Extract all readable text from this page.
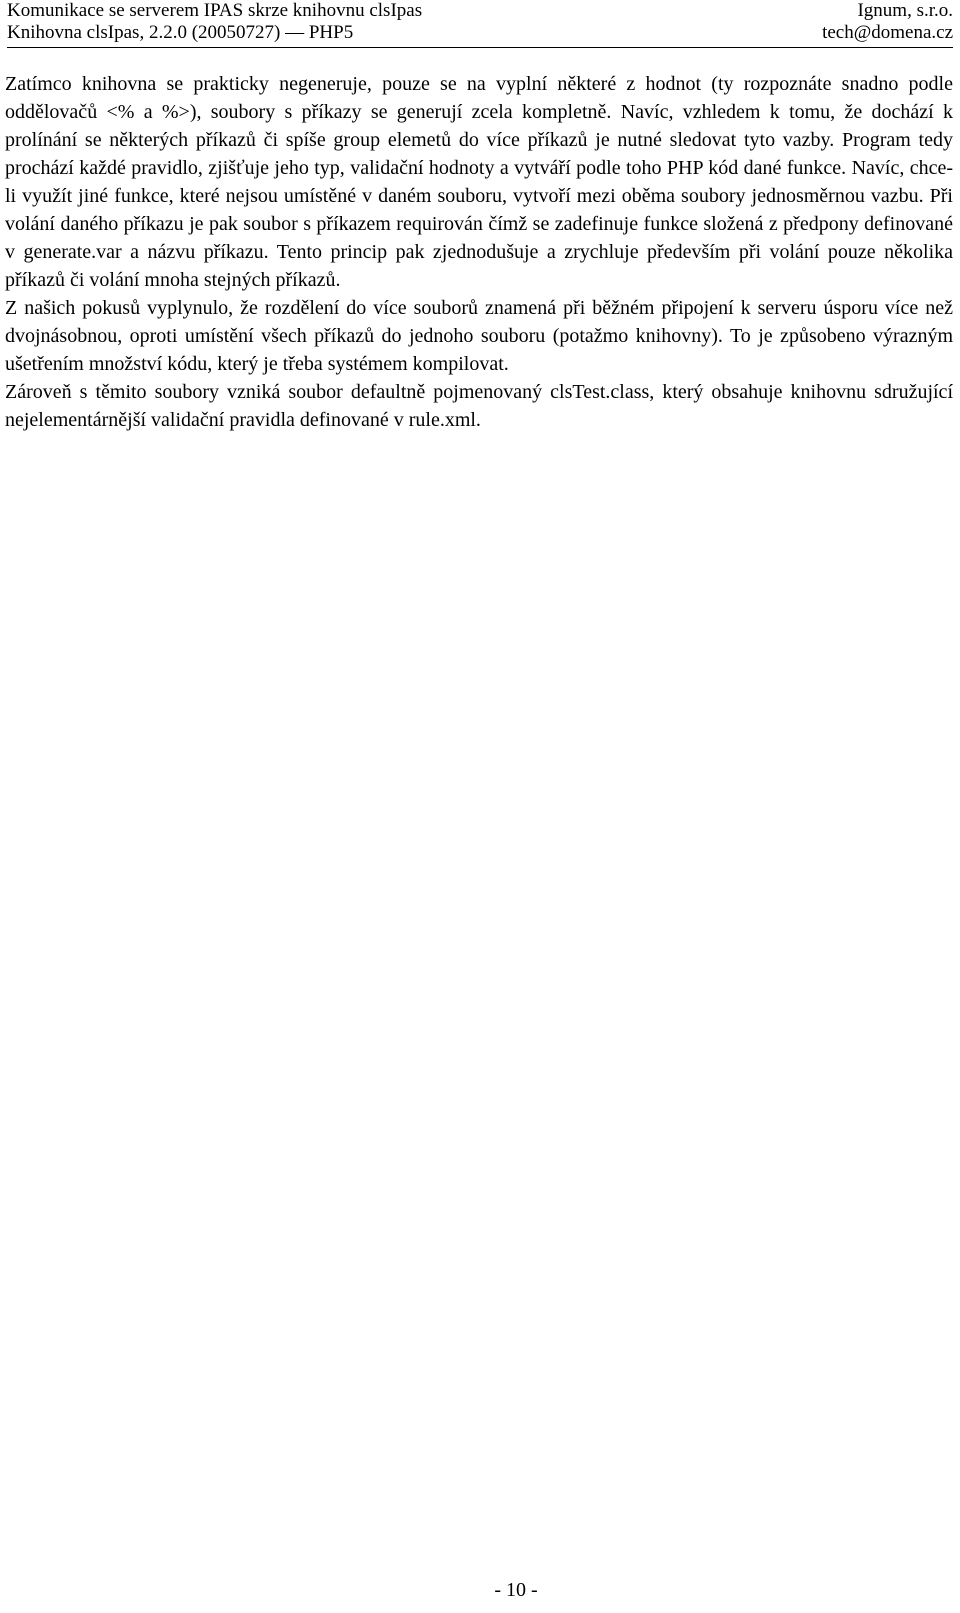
Komunikace se serverem IPAS skrze knihovnu clsIpas
Knihovna clsIpas, 2.2.0 (20050727) — PHP5
Ignum, s.r.o.
tech@domena.cz

Zatímco knihovna se prakticky negeneruje, pouze se na vyplní některé z hodnot (ty rozpoznáte snadno podle oddělovačů <% a %>), soubory s příkazy se generují zcela kompletně. Navíc, vzhledem k tomu, že dochází k prolínání se některých příkazů či spíše group elemetů do více příkazů je nutné sledovat tyto vazby. Program tedy prochází každé pravidlo, zjišťuje jeho typ, validační hodnoty a vytváří podle toho PHP kód dané funkce. Navíc, chce-li využít jiné funkce, které nejsou umístěné v daném souboru, vytvoří mezi oběma soubory jednosměrnou vazbu. Při volání daného příkazu je pak soubor s příkazem requirován čímž se zadefinuje funkce složená z předpony definované v generate.var a názvu příkazu. Tento princip pak zjednodušuje a zrychluje především při volání pouze několika příkazů či volání mnoha stejných příkazů.

Z našich pokusů vyplynulo, že rozdělení do více souborů znamená při běžném připojení k serveru úsporu více než dvojnásobnou, oproti umístění všech příkazů do jednoho souboru (potažmo knihovny). To je způsobeno výrazným ušetřením množství kódu, který je třeba systémem kompilovat.

Zároveň s těmito soubory vzniká soubor defaultně pojmenovaný clsTest.class, který obsahuje knihovnu sdružující nejelementárnější validační pravidla definované v rule.xml.

- 10 -
